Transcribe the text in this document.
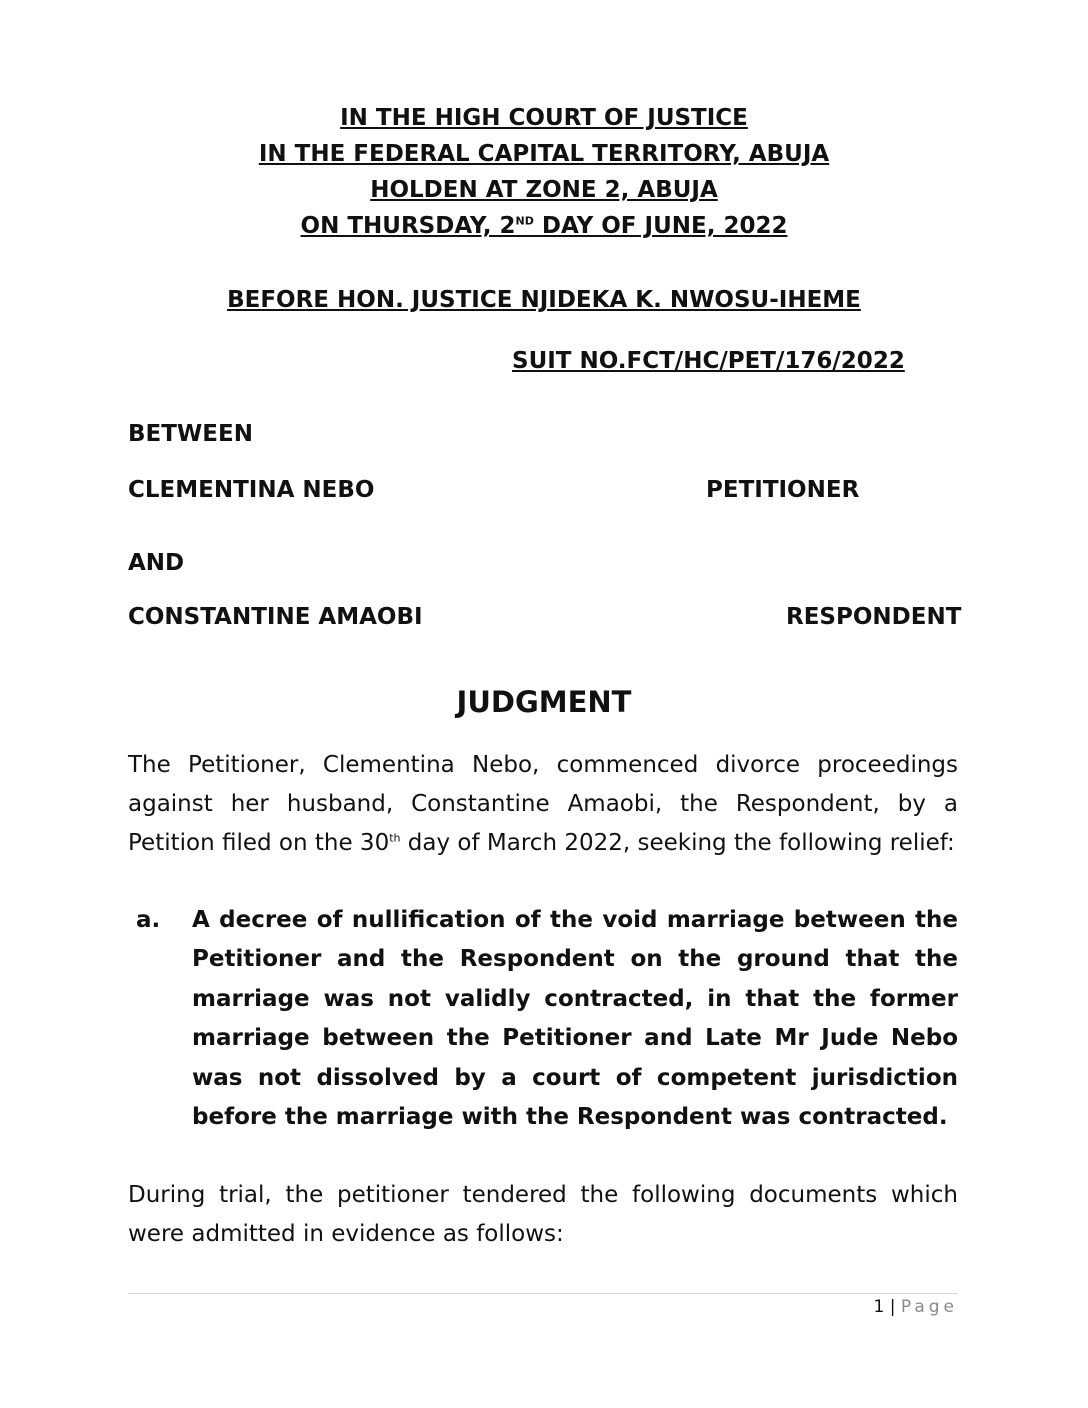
IN THE HIGH COURT OF JUSTICE
IN THE FEDERAL CAPITAL TERRITORY, ABUJA
HOLDEN AT ZONE 2, ABUJA
ON THURSDAY, 2ND DAY OF JUNE, 2022
BEFORE HON. JUSTICE NJIDEKA K. NWOSU-IHEME
SUIT NO.FCT/HC/PET/176/2022
BETWEEN
CLEMENTINA NEBO	PETITIONER
AND
CONSTANTINE AMAOBI	RESPONDENT
JUDGMENT
The Petitioner, Clementina Nebo, commenced divorce proceedings against her husband, Constantine Amaobi, the Respondent, by a Petition filed on the 30th day of March 2022, seeking the following relief:
a. A decree of nullification of the void marriage between the Petitioner and the Respondent on the ground that the marriage was not validly contracted, in that the former marriage between the Petitioner and Late Mr Jude Nebo was not dissolved by a court of competent jurisdiction before the marriage with the Respondent was contracted.
During trial, the petitioner tendered the following documents which were admitted in evidence as follows:
1 | Page
